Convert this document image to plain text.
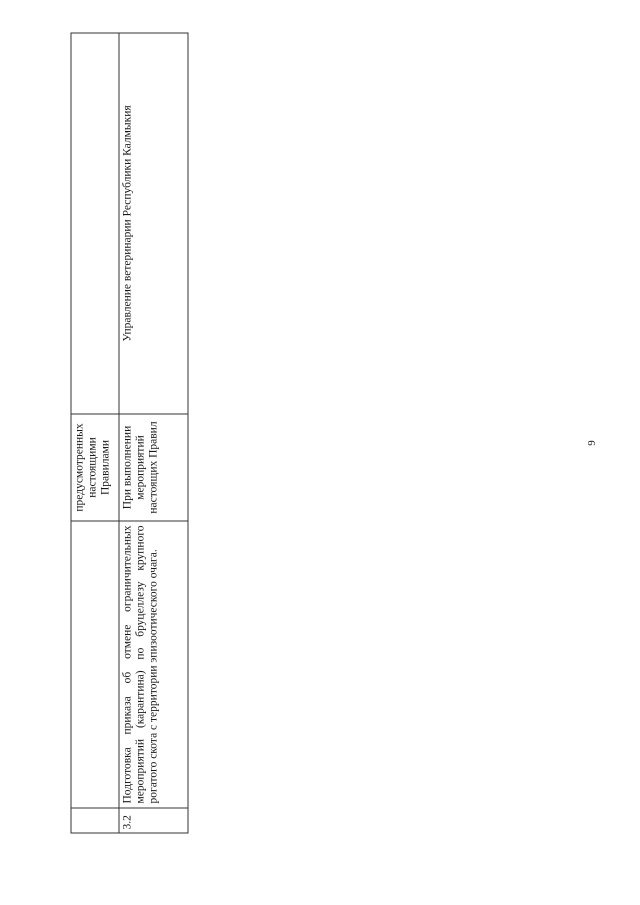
		предусмотренных настоящими Правилами	
3.2	Подготовка приказа об отмене ограничительных мероприятий (карантина) по бруцеллезу крупного рогатого скота с территории эпизоотического очага.	При выполнении мероприятий настоящих Правил	Управление ветеринарии Республики Калмыкия
9
